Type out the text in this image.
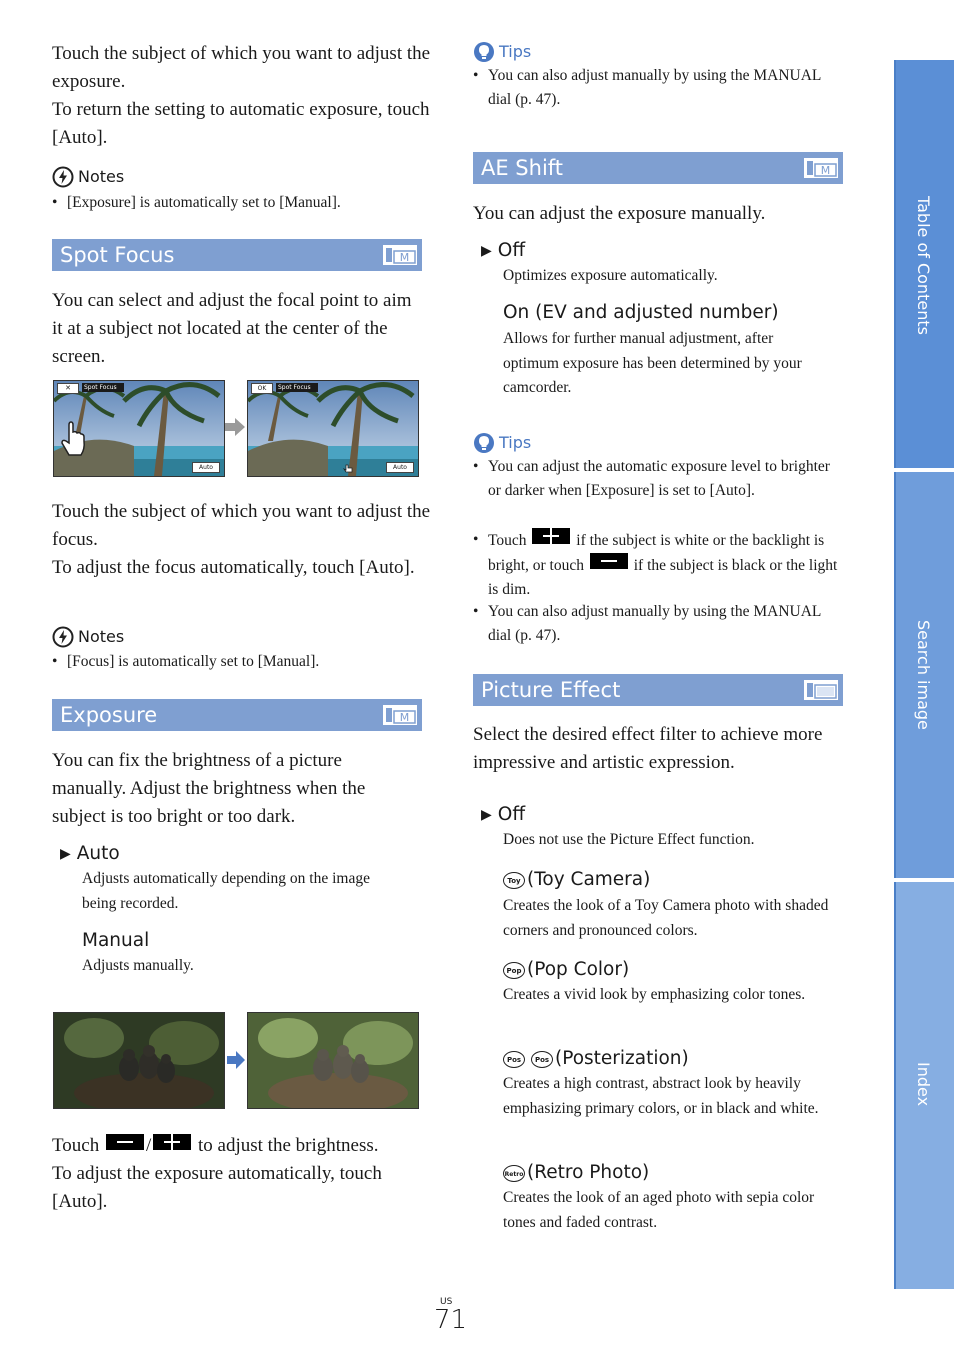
Touch the subject of which you want to adjust the exposure.
To return the setting to automatic exposure, touch [Auto].
Notes
• [Exposure] is automatically set to [Manual].
Spot Focus	M
You can select and adjust the focal point to aim it at a subject not located at the center of the screen.
✕	Spot Focus
Auto
OK	Spot Focus
Auto
Touch the subject of which you want to adjust the focus.
To adjust the focus automatically, touch [Auto].
Notes
• [Focus] is automatically set to [Manual].
Exposure	M
You can fix the brightness of a picture manually. Adjust the brightness when the subject is too bright or too dark.
▶ Auto
Adjusts automatically depending on the image being recorded.
Manual
Adjusts manually.
Touch / to adjust the brightness.
To adjust the exposure automatically, touch [Auto].
Tips
• You can also adjust manually by using the MANUAL dial (p. 47).
AE Shift	M
You can adjust the exposure manually.
▶ Off
Optimizes exposure automatically.
On (EV and adjusted number)
Allows for further manual adjustment, after optimum exposure has been determined by your camcorder.
Tips
• You can adjust the automatic exposure level to brighter or darker when [Exposure] is set to [Auto].
• Touch	if the subject is white or the backlight is bright, or touch	if the subject is black or the light is dim.
• You can also adjust manually by using the MANUAL dial (p. 47).
Picture Effect
Select the desired effect filter to achieve more impressive and artistic expression.
▶ Off
Does not use the Picture Effect function.
Toy (Toy Camera)
Creates the look of a Toy Camera photo with shaded corners and pronounced colors.
Pop (Pop Color)
Creates a vivid look by emphasizing color tones.
Pos	Pos (Posterization)
Creates a high contrast, abstract look by heavily emphasizing primary colors, or in black and white.
Retro (Retro Photo)
Creates the look of an aged photo with sepia color tones and faded contrast.
Table of Contents
Search image
Index
US
71
